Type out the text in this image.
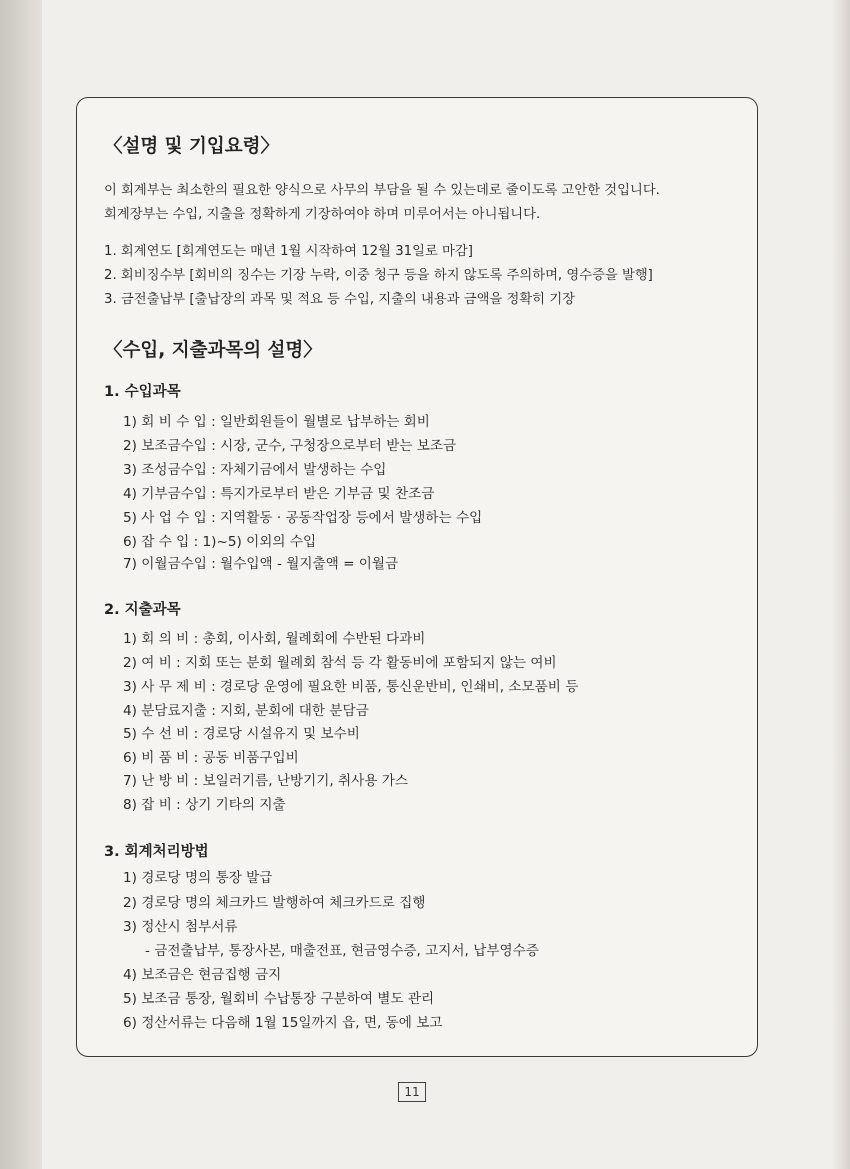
〈설명 및 기입요령〉
이 회계부는 최소한의 필요한 양식으로 사무의 부담을 될 수 있는데로 줄이도록 고안한 것입니다.
회계장부는 수입, 지출을 정확하게 기장하여야 하며 미루어서는 아니됩니다.
1. 회계연도 [회계연도는 매년 1월 시작하여 12월 31일로 마감]
2. 회비징수부 [회비의 징수는 기장 누락, 이중 청구 등을 하지 않도록 주의하며, 영수증을 발행]
3. 금전출납부 [출납장의 과목 및 적요 등 수입, 지출의 내용과 금액을 정확히 기장
〈수입, 지출과목의 설명〉
1. 수입과목
1) 회 비 수 입 : 일반회원들이 월별로 납부하는 회비
2) 보조금수입 : 시장, 군수, 구청장으로부터 받는 보조금
3) 조성금수입 : 자체기금에서 발생하는 수입
4) 기부금수입 : 특지가로부터 받은 기부금 및 찬조금
5) 사 업 수 입 : 지역활동 · 공동작업장 등에서 발생하는 수입
6) 잡 수 입 : 1)~5) 이외의 수입
7) 이월금수입 : 월수입액 - 월지출액 = 이월금
2. 지출과목
1) 회 의 비 : 총회, 이사회, 월례회에 수반된 다과비
2) 여 비 : 지회 또는 분회 월례회 참석 등 각 활동비에 포함되지 않는 여비
3) 사 무 제 비 : 경로당 운영에 필요한 비품, 통신운반비, 인쇄비, 소모품비 등
4) 분담료지출 : 지회, 분회에 대한 분담금
5) 수 선 비 : 경로당 시설유지 및 보수비
6) 비 품 비 : 공동 비품구입비
7) 난 방 비 : 보일러기름, 난방기기, 취사용 가스
8) 잡 비 : 상기 기타의 지출
3. 회계처리방법
1) 경로당 명의 통장 발급
2) 경로당 명의 체크카드 발행하여 체크카드로 집행
3) 정산시 첨부서류
- 금전출납부, 통장사본, 매출전표, 현금영수증, 고지서, 납부영수증
4) 보조금은 현금집행 금지
5) 보조금 통장, 월회비 수납통장 구분하여 별도 관리
6) 정산서류는 다음해 1월 15일까지 읍, 면, 동에 보고
11
